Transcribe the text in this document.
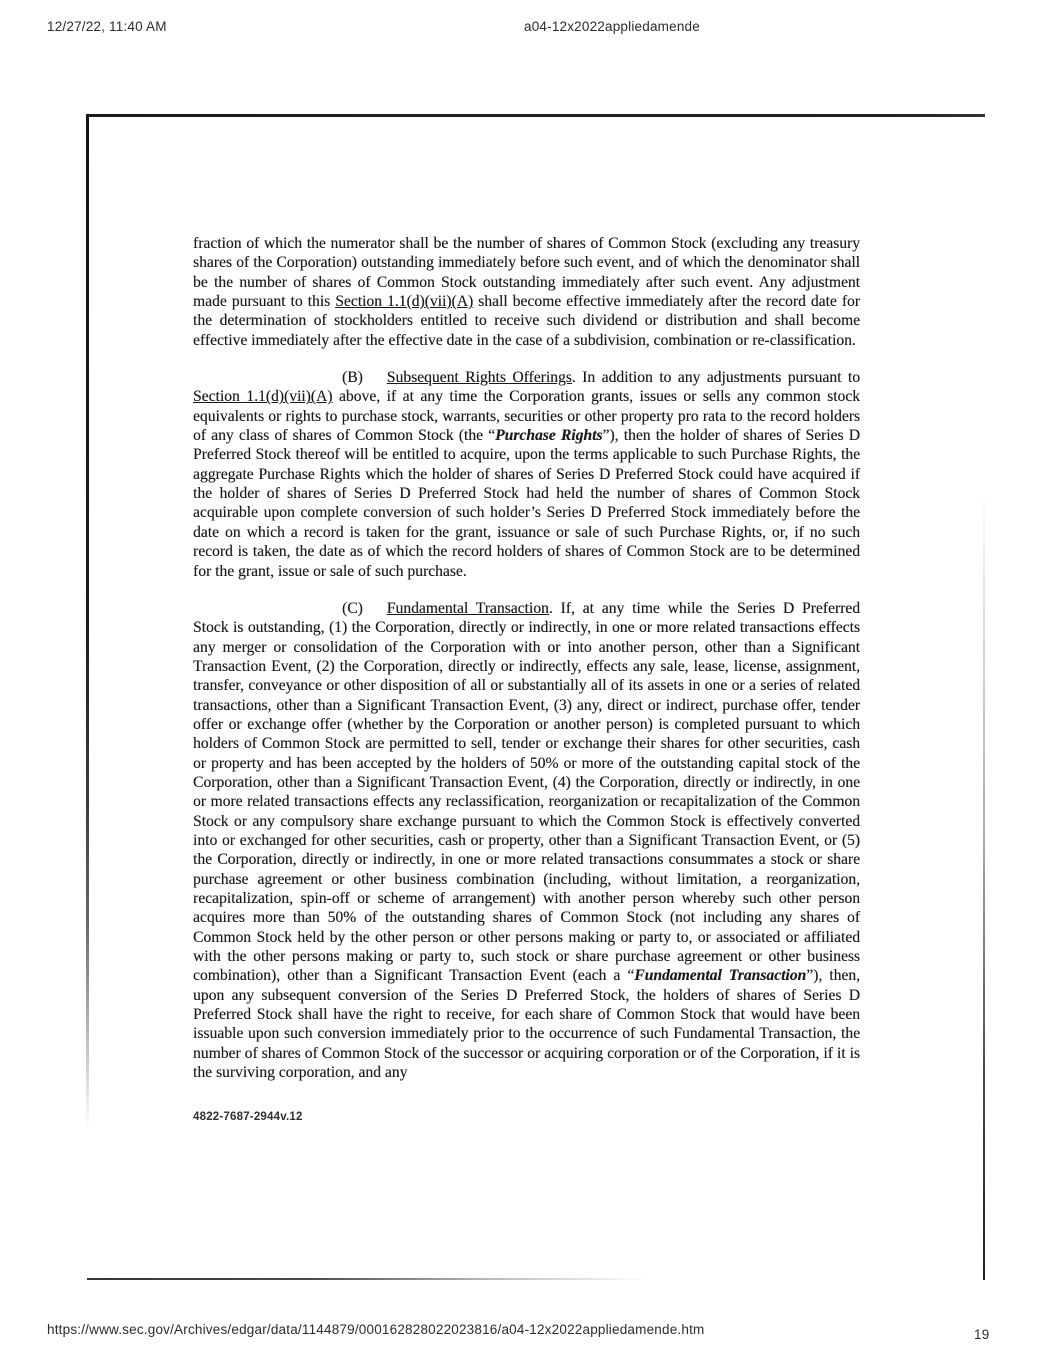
12/27/22, 11:40 AM	a04-12x2022appliedamende

fraction of which the numerator shall be the number of shares of Common Stock (excluding any treasury shares of the Corporation) outstanding immediately before such event, and of which the denominator shall be the number of shares of Common Stock outstanding immediately after such event. Any adjustment made pursuant to this Section 1.1(d)(vii)(A) shall become effective immediately after the record date for the determination of stockholders entitled to receive such dividend or distribution and shall become effective immediately after the effective date in the case of a subdivision, combination or re-classification.

(B) Subsequent Rights Offerings. In addition to any adjustments pursuant to Section 1.1(d)(vii)(A) above, if at any time the Corporation grants, issues or sells any common stock equivalents or rights to purchase stock, warrants, securities or other property pro rata to the record holders of any class of shares of Common Stock (the “Purchase Rights”), then the holder of shares of Series D Preferred Stock thereof will be entitled to acquire, upon the terms applicable to such Purchase Rights, the aggregate Purchase Rights which the holder of shares of Series D Preferred Stock could have acquired if the holder of shares of Series D Preferred Stock had held the number of shares of Common Stock acquirable upon complete conversion of such holder’s Series D Preferred Stock immediately before the date on which a record is taken for the grant, issuance or sale of such Purchase Rights, or, if no such record is taken, the date as of which the record holders of shares of Common Stock are to be determined for the grant, issue or sale of such purchase.

(C) Fundamental Transaction. If, at any time while the Series D Preferred Stock is outstanding, (1) the Corporation, directly or indirectly, in one or more related transactions effects any merger or consolidation of the Corporation with or into another person, other than a Significant Transaction Event, (2) the Corporation, directly or indirectly, effects any sale, lease, license, assignment, transfer, conveyance or other disposition of all or substantially all of its assets in one or a series of related transactions, other than a Significant Transaction Event, (3) any, direct or indirect, purchase offer, tender offer or exchange offer (whether by the Corporation or another person) is completed pursuant to which holders of Common Stock are permitted to sell, tender or exchange their shares for other securities, cash or property and has been accepted by the holders of 50% or more of the outstanding capital stock of the Corporation, other than a Significant Transaction Event, (4) the Corporation, directly or indirectly, in one or more related transactions effects any reclassification, reorganization or recapitalization of the Common Stock or any compulsory share exchange pursuant to which the Common Stock is effectively converted into or exchanged for other securities, cash or property, other than a Significant Transaction Event, or (5) the Corporation, directly or indirectly, in one or more related transactions consummates a stock or share purchase agreement or other business combination (including, without limitation, a reorganization, recapitalization, spin-off or scheme of arrangement) with another person whereby such other person acquires more than 50% of the outstanding shares of Common Stock (not including any shares of Common Stock held by the other person or other persons making or party to, or associated or affiliated with the other persons making or party to, such stock or share purchase agreement or other business combination), other than a Significant Transaction Event (each a “Fundamental Transaction”), then, upon any subsequent conversion of the Series D Preferred Stock, the holders of shares of Series D Preferred Stock shall have the right to receive, for each share of Common Stock that would have been issuable upon such conversion immediately prior to the occurrence of such Fundamental Transaction, the number of shares of Common Stock of the successor or acquiring corporation or of the Corporation, if it is the surviving corporation, and any

4822-7687-2944v.12

https://www.sec.gov/Archives/edgar/data/1144879/000162828022023816/a04-12x2022appliedamende.htm	19
